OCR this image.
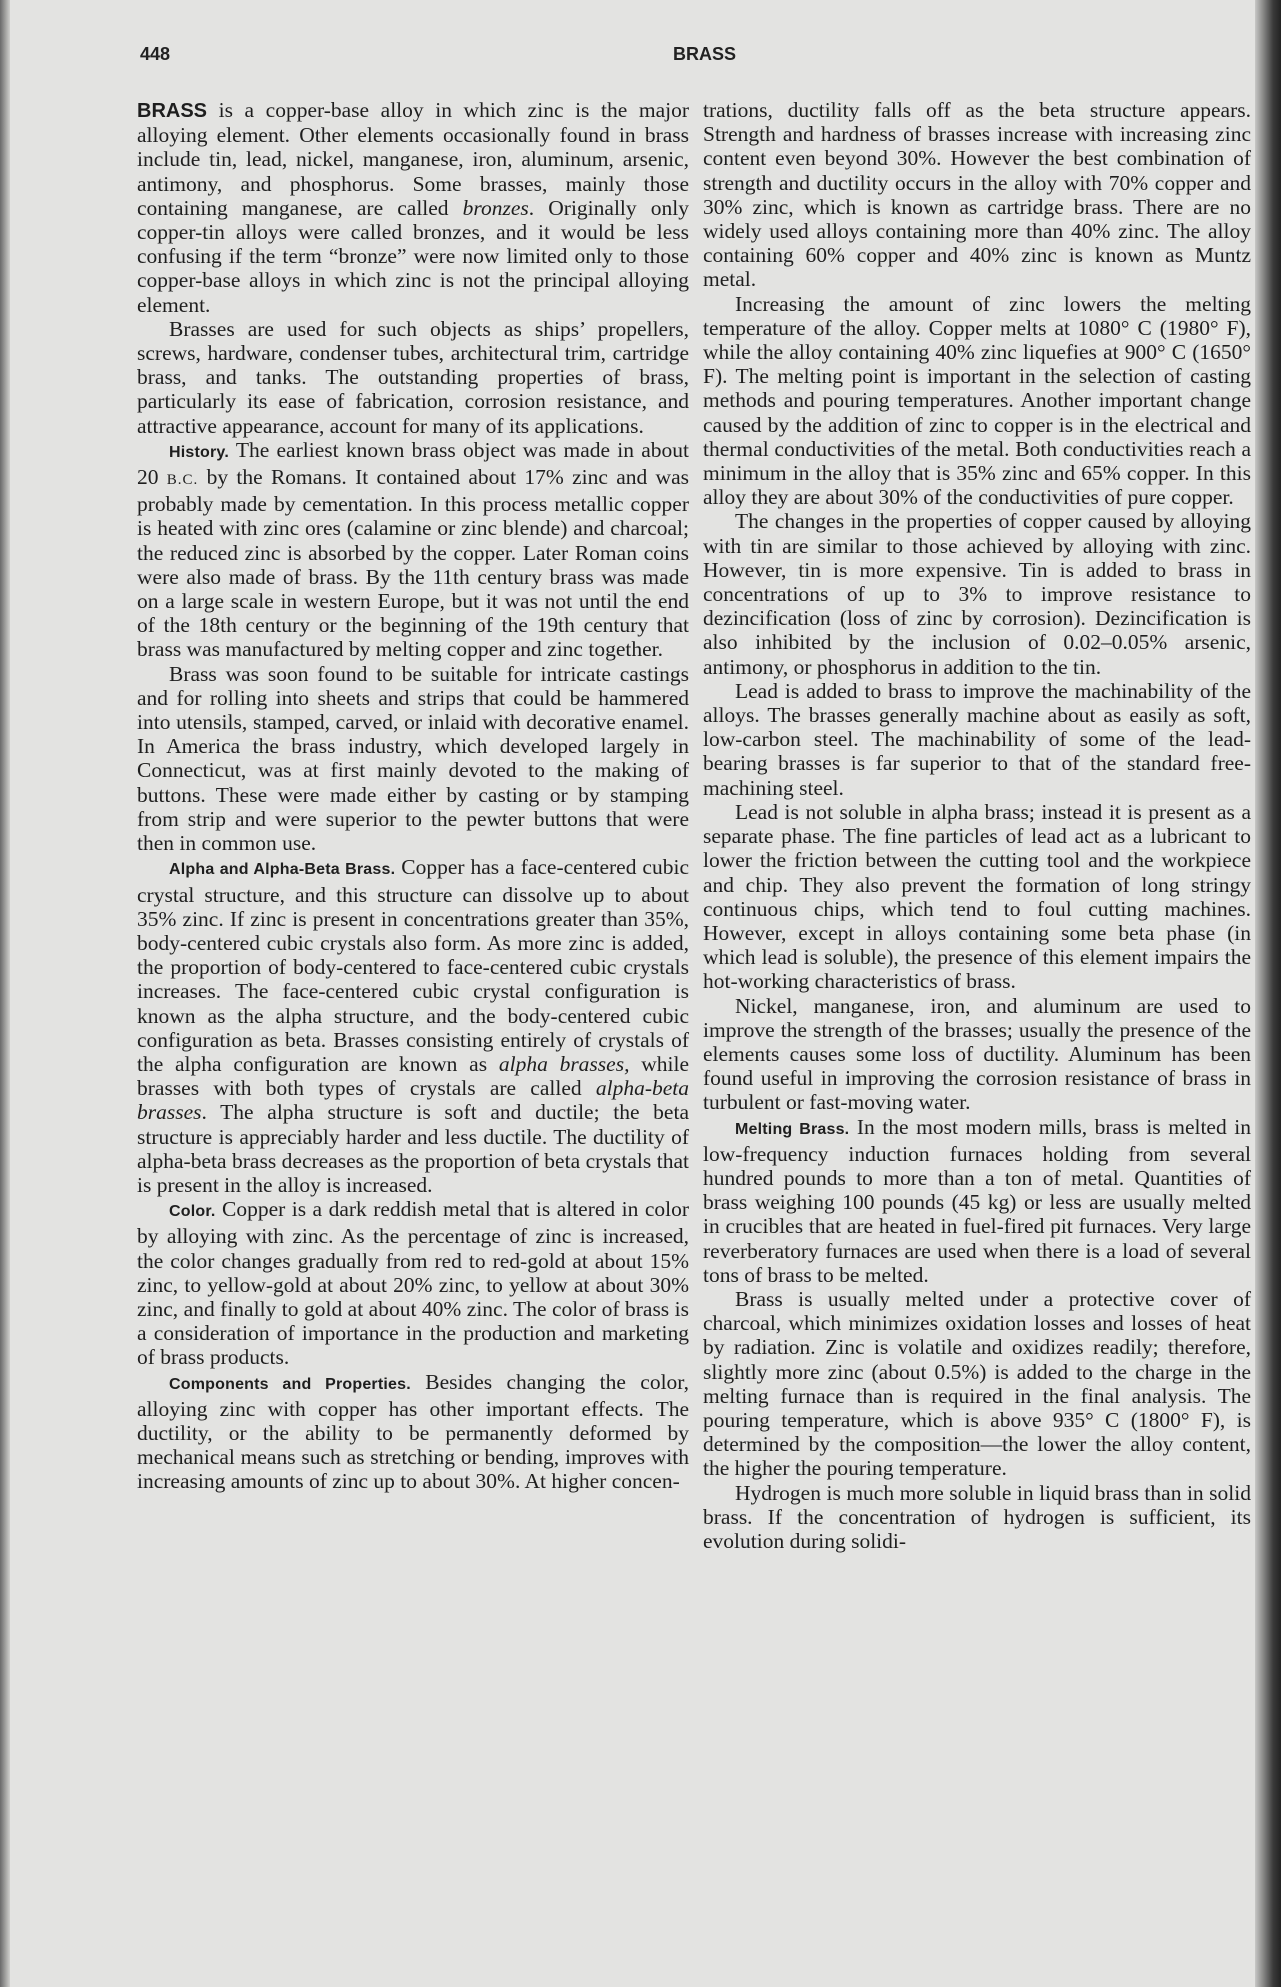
448	BRASS

BRASS is a copper-base alloy in which zinc is the major alloying element. Other elements occasionally found in brass include tin, lead, nickel, manganese, iron, aluminum, arsenic, antimony, and phosphorus. Some brasses, mainly those containing manganese, are called bronzes. Originally only copper-tin alloys were called bronzes, and it would be less confusing if the term “bronze” were now limited only to those copper-base alloys in which zinc is not the principal alloying element.

Brasses are used for such objects as ships’ propellers, screws, hardware, condenser tubes, architectural trim, cartridge brass, and tanks. The outstanding properties of brass, particularly its ease of fabrication, corrosion resistance, and attractive appearance, account for many of its applications.

History. The earliest known brass object was made in about 20 B.C. by the Romans. It contained about 17% zinc and was probably made by cementation. In this process metallic copper is heated with zinc ores (calamine or zinc blende) and charcoal; the reduced zinc is absorbed by the copper. Later Roman coins were also made of brass. By the 11th century brass was made on a large scale in western Europe, but it was not until the end of the 18th century or the beginning of the 19th century that brass was manufactured by melting copper and zinc together.

Brass was soon found to be suitable for intricate castings and for rolling into sheets and strips that could be hammered into utensils, stamped, carved, or inlaid with decorative enamel. In America the brass industry, which developed largely in Connecticut, was at first mainly devoted to the making of buttons. These were made either by casting or by stamping from strip and were superior to the pewter buttons that were then in common use.

Alpha and Alpha-Beta Brass. Copper has a face-centered cubic crystal structure, and this structure can dissolve up to about 35% zinc. If zinc is present in concentrations greater than 35%, body-centered cubic crystals also form. As more zinc is added, the proportion of body-centered to face-centered cubic crystals increases. The face-centered cubic crystal configuration is known as the alpha structure, and the body-centered cubic configuration as beta. Brasses consisting entirely of crystals of the alpha configuration are known as alpha brasses, while brasses with both types of crystals are called alpha-beta brasses. The alpha structure is soft and ductile; the beta structure is appreciably harder and less ductile. The ductility of alpha-beta brass decreases as the proportion of beta crystals that is present in the alloy is increased.

Color. Copper is a dark reddish metal that is altered in color by alloying with zinc. As the percentage of zinc is increased, the color changes gradually from red to red-gold at about 15% zinc, to yellow-gold at about 20% zinc, to yellow at about 30% zinc, and finally to gold at about 40% zinc. The color of brass is a consideration of importance in the production and marketing of brass products.

Components and Properties. Besides changing the color, alloying zinc with copper has other important effects. The ductility, or the ability to be permanently deformed by mechanical means such as stretching or bending, improves with increasing amounts of zinc up to about 30%. At higher concen-

trations, ductility falls off as the beta structure appears. Strength and hardness of brasses increase with increasing zinc content even beyond 30%. However the best combination of strength and ductility occurs in the alloy with 70% copper and 30% zinc, which is known as cartridge brass. There are no widely used alloys containing more than 40% zinc. The alloy containing 60% copper and 40% zinc is known as Muntz metal.

Increasing the amount of zinc lowers the melting temperature of the alloy. Copper melts at 1080° C (1980° F), while the alloy containing 40% zinc liquefies at 900° C (1650° F). The melting point is important in the selection of casting methods and pouring temperatures. Another important change caused by the addition of zinc to copper is in the electrical and thermal conductivities of the metal. Both conductivities reach a minimum in the alloy that is 35% zinc and 65% copper. In this alloy they are about 30% of the conductivities of pure copper.

The changes in the properties of copper caused by alloying with tin are similar to those achieved by alloying with zinc. However, tin is more expensive. Tin is added to brass in concentrations of up to 3% to improve resistance to dezincification (loss of zinc by corrosion). Dezincification is also inhibited by the inclusion of 0.02–0.05% arsenic, antimony, or phosphorus in addition to the tin.

Lead is added to brass to improve the machinability of the alloys. The brasses generally machine about as easily as soft, low-carbon steel. The machinability of some of the lead-bearing brasses is far superior to that of the standard free-machining steel.

Lead is not soluble in alpha brass; instead it is present as a separate phase. The fine particles of lead act as a lubricant to lower the friction between the cutting tool and the workpiece and chip. They also prevent the formation of long stringy continuous chips, which tend to foul cutting machines. However, except in alloys containing some beta phase (in which lead is soluble), the presence of this element impairs the hot-working characteristics of brass.

Nickel, manganese, iron, and aluminum are used to improve the strength of the brasses; usually the presence of the elements causes some loss of ductility. Aluminum has been found useful in improving the corrosion resistance of brass in turbulent or fast-moving water.

Melting Brass. In the most modern mills, brass is melted in low-frequency induction furnaces holding from several hundred pounds to more than a ton of metal. Quantities of brass weighing 100 pounds (45 kg) or less are usually melted in crucibles that are heated in fuel-fired pit furnaces. Very large reverberatory furnaces are used when there is a load of several tons of brass to be melted.

Brass is usually melted under a protective cover of charcoal, which minimizes oxidation losses and losses of heat by radiation. Zinc is volatile and oxidizes readily; therefore, slightly more zinc (about 0.5%) is added to the charge in the melting furnace than is required in the final analysis. The pouring temperature, which is above 935° C (1800° F), is determined by the composition—the lower the alloy content, the higher the pouring temperature.

Hydrogen is much more soluble in liquid brass than in solid brass. If the concentration of hydrogen is sufficient, its evolution during solidi-
